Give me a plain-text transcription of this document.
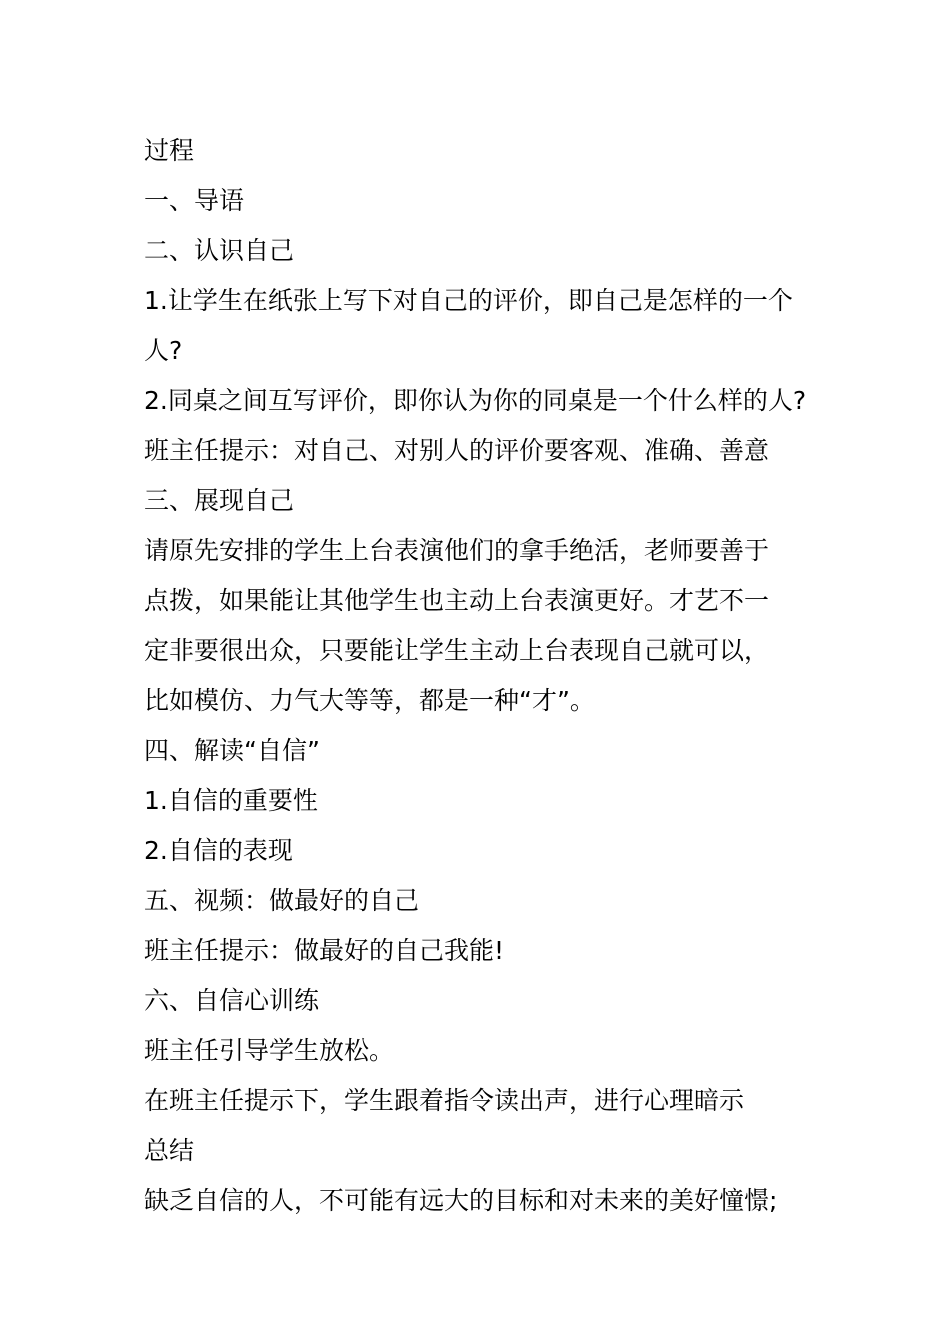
过程
一、导语
二、认识自己
1.让学生在纸张上写下对自己的评价，即自己是怎样的一个
人?
2.同桌之间互写评价，即你认为你的同桌是一个什么样的人?
班主任提示：对自己、对别人的评价要客观、准确、善意
三、展现自己
请原先安排的学生上台表演他们的拿手绝活，老师要善于
点拨，如果能让其他学生也主动上台表演更好。才艺不一
定非要很出众，只要能让学生主动上台表现自己就可以，
比如模仿、力气大等等，都是一种“才”。
四、解读“自信”
1.自信的重要性
2.自信的表现
五、视频：做最好的自己
班主任提示：做最好的自己我能!
六、自信心训练
班主任引导学生放松。
在班主任提示下，学生跟着指令读出声，进行心理暗示
总结
缺乏自信的人，不可能有远大的目标和对未来的美好憧憬;
